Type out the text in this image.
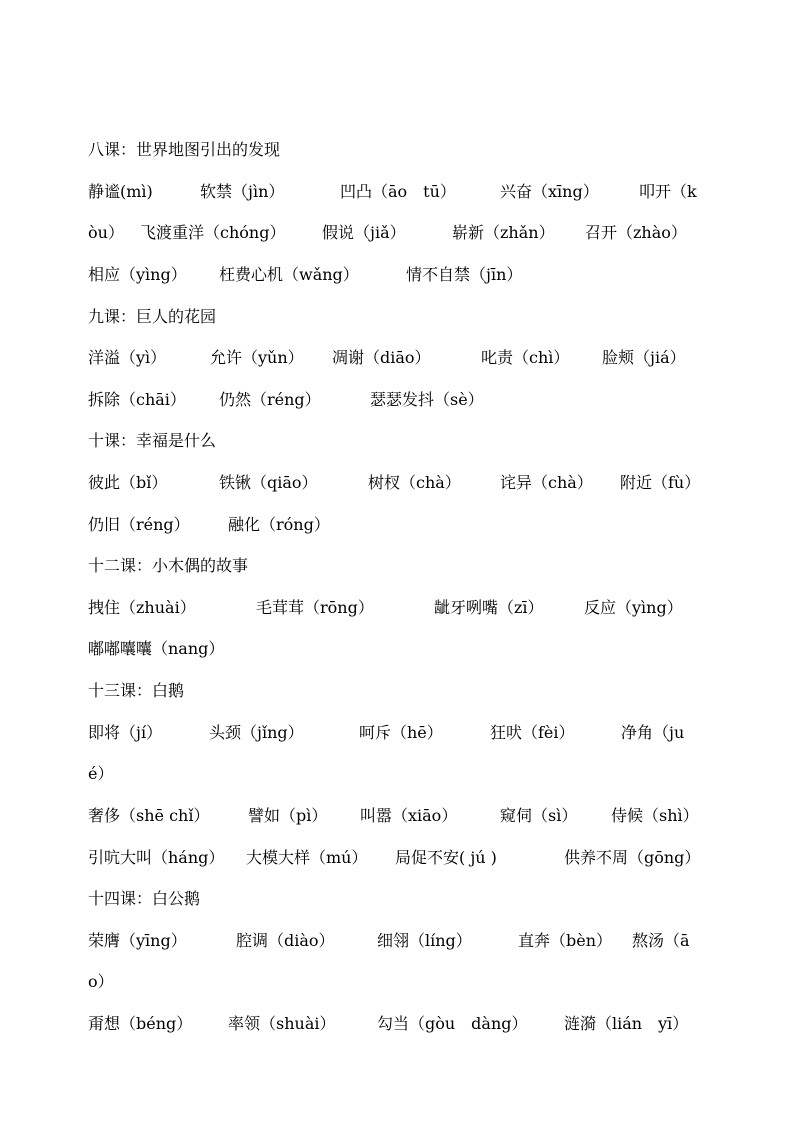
八课：世界地图引出的发现
静谧(mì)	软禁（jìn）	凹凸（āo　tū）	兴奋（xīng）	叩开（k
òu） 飞渡重洋（chóng） 假说（jiǎ）	崭新（zhǎn） 召开（zhào）
相应（yìng） 枉费心机（wǎng）	情不自禁（jīn）
九课：巨人的花园
洋溢（yì）	允许（yǔn） 凋谢（diāo）	叱责（chì） 脸颊（jiá）
拆除（chāi） 仍然（réng）	瑟瑟发抖（sè）
十课：幸福是什么
彼此（bǐ）	铁锹（qiāo）	树杈（chà） 诧异（chà） 附近（fù）
仍旧（réng） 融化（róng）
十二课：小木偶的故事
拽住（zhuài）	毛茸茸（rōng）	龇牙咧嘴（zī）	反应（yìng）
嘟嘟囔囔（nang）
十三课：白鹅
即将（jí）	头颈（jǐng）	呵斥（hē）	狂吠（fèi）	净角（ju
é）
奢侈（shē chǐ） 譬如（pì） 叫嚣（xiāo）	窥伺（sì） 侍候（shì）
引吭大叫（háng） 大模大样（mú） 局促不安( jú )	供养不周（gōng）
十四课：白公鹅
荣膺（yīng）	腔调（diào）	细翎（líng）	直奔（bèn） 熬汤（ā
o）
甭想（béng） 率领（shuài）	勾当（gòu　dàng） 涟漪（lián　yī）
